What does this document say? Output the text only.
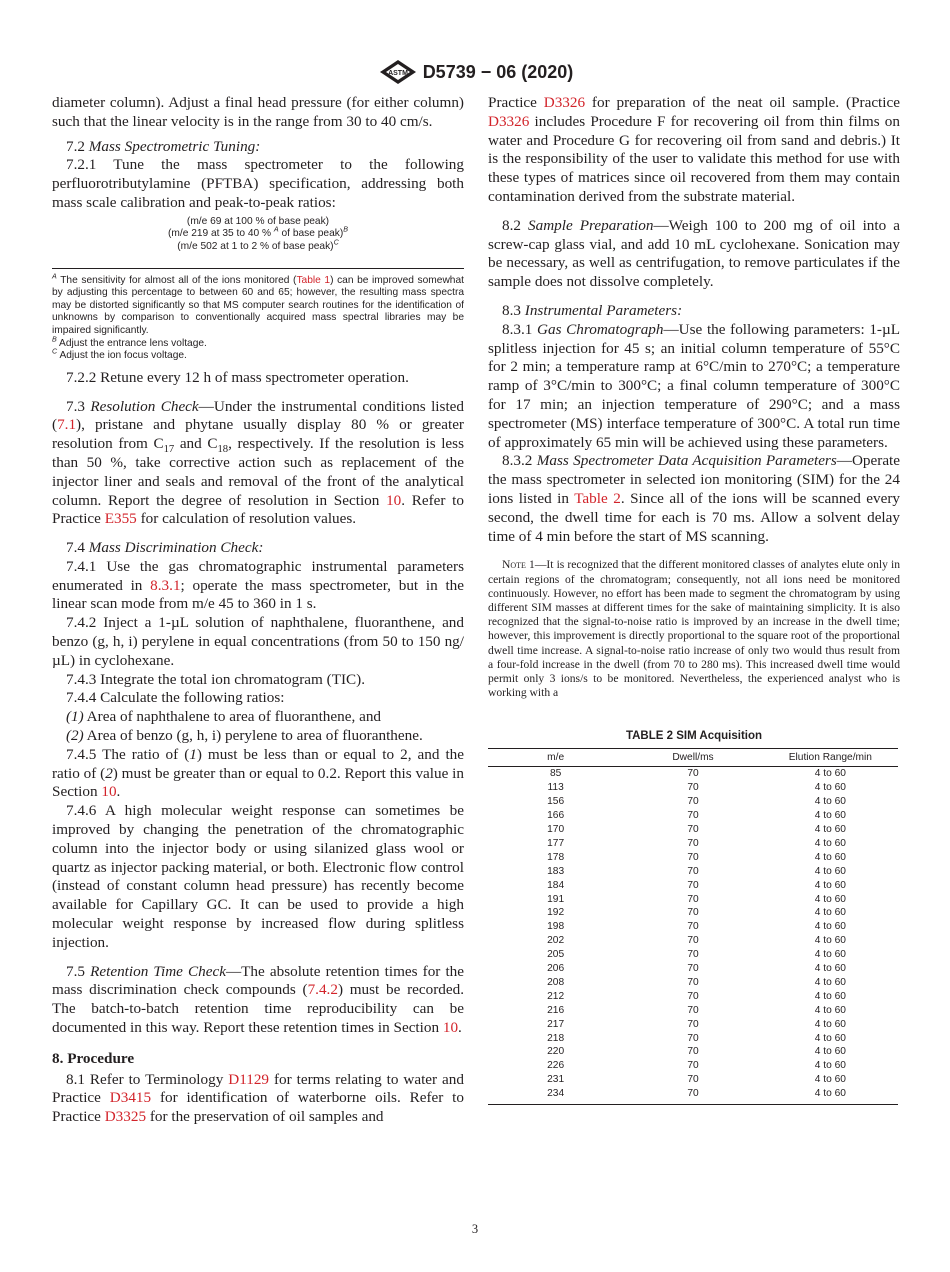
ASTM D5739 − 06 (2020)

diameter column). Adjust a final head pressure (for either column) such that the linear velocity is in the range from 30 to 40 cm/s.

7.2 Mass Spectrometric Tuning:

7.2.1 Tune the mass spectrometer to the following perfluorotributylamine (PFTBA) specification, addressing both mass scale calibration and peak-to-peak ratios:

(m/e 69 at 100 % of base peak)
(m/e 219 at 35 to 40 % $^A$ of base peak)$^B$
(m/e 502 at 1 to 2 % of base peak)$^C$

$^A$ The sensitivity for almost all of the ions monitored (Table 1) can be improved somewhat by adjusting this percentage to between 60 and 65; however, the resulting mass spectra may be distorted significantly so that MS computer search routines for the identification of unknowns by comparison to conventionally acquired mass spectral libraries may be impaired significantly.

$^B$ Adjust the entrance lens voltage.

$^C$ Adjust the ion focus voltage.

7.2.2 Retune every 12 h of mass spectrometer operation.

7.3 Resolution Check—Under the instrumental conditions listed (7.1), pristane and phytane usually display 80 % or greater resolution from $C_{17}$ and $C_{18}$, respectively. If the resolution is less than 50 %, take corrective action such as replacement of the injector liner and seals and removal of the front of the analytical column. Report the degree of resolution in Section 10. Refer to Practice E355 for calculation of resolution values.

7.4 Mass Discrimination Check:

7.4.1 Use the gas chromatographic instrumental parameters enumerated in 8.3.1; operate the mass spectrometer, but in the linear scan mode from m/e 45 to 360 in 1 s.

7.4.2 Inject a 1-µL solution of naphthalene, fluoranthene, and benzo (g, h, i) perylene in equal concentrations (from 50 to 150 ng/µL) in cyclohexane.

7.4.3 Integrate the total ion chromatogram (TIC).

7.4.4 Calculate the following ratios:

(1) Area of naphthalene to area of fluoranthene, and

(2) Area of benzo (g, h, i) perylene to area of fluoranthene.

7.4.5 The ratio of (1) must be less than or equal to 2, and the ratio of (2) must be greater than or equal to 0.2. Report this value in Section 10.

7.4.6 A high molecular weight response can sometimes be improved by changing the penetration of the chromatographic column into the injector body or using silanized glass wool or quartz as injector packing material, or both. Electronic flow control (instead of constant column head pressure) has recently become available for Capillary GC. It can be used to provide a high molecular weight response by increased flow during splitless injection.

7.5 Retention Time Check—The absolute retention times for the mass discrimination check compounds (7.4.2) must be recorded. The batch-to-batch retention time reproducibility can be documented in this way. Report these retention times in Section 10.

8. Procedure

8.1 Refer to Terminology D1129 for terms relating to water and Practice D3415 for identification of waterborne oils. Refer to Practice D3325 for the preservation of oil samples and

Practice D3326 for preparation of the neat oil sample. (Practice D3326 includes Procedure F for recovering oil from thin films on water and Procedure G for recovering oil from sand and debris.) It is the responsibility of the user to validate this method for use with these types of matrices since oil recovered from them may contain contamination derived from the substrate material.

8.2 Sample Preparation—Weigh 100 to 200 mg of oil into a screw-cap glass vial, and add 10 mL cyclohexane. Sonication may be necessary, as well as centrifugation, to remove particulates if the sample does not dissolve completely.

8.3 Instrumental Parameters:

8.3.1 Gas Chromatograph—Use the following parameters: 1-µL splitless injection for 45 s; an initial column temperature of 55°C for 2 min; a temperature ramp at 6°C/min to 270°C; a temperature ramp of 3°C/min to 300°C; a final column temperature of 300°C for 17 min; an injection temperature of 290°C; and a mass spectrometer (MS) interface temperature of 300°C. A total run time of approximately 65 min will be achieved using these parameters.

8.3.2 Mass Spectrometer Data Acquisition Parameters—Operate the mass spectrometer in selected ion monitoring (SIM) for the 24 ions listed in Table 2. Since all of the ions will be scanned every second, the dwell time for each is 70 ms. Allow a solvent delay time of 4 min before the start of MS scanning.

Note 1—It is recognized that the different monitored classes of analytes elute only in certain regions of the chromatogram; consequently, not all ions need be monitored continuously. However, no effort has been made to segment the chromatogram by using different SIM masses at different times for the sake of maintaining simplicity. It is also recognized that the signal-to-noise ratio is improved by an increase in the dwell time; however, this improvement is directly proportional to the square root of the proportional dwell time increase. A signal-to-noise ratio increase of only two would thus result from a four-fold increase in the dwell (from 70 to 280 ms). This increased dwell time would permit only 3 ions/s to be monitored. Nevertheless, the experienced analyst who is working with a

TABLE 2 SIM Acquisition
m/e	Dwell/ms	Elution Range/min
85	70	4 to 60
113	70	4 to 60
156	70	4 to 60
166	70	4 to 60
170	70	4 to 60
177	70	4 to 60
178	70	4 to 60
183	70	4 to 60
184	70	4 to 60
191	70	4 to 60
192	70	4 to 60
198	70	4 to 60
202	70	4 to 60
205	70	4 to 60
206	70	4 to 60
208	70	4 to 60
212	70	4 to 60
216	70	4 to 60
217	70	4 to 60
218	70	4 to 60
220	70	4 to 60
226	70	4 to 60
231	70	4 to 60
234	70	4 to 60
3
